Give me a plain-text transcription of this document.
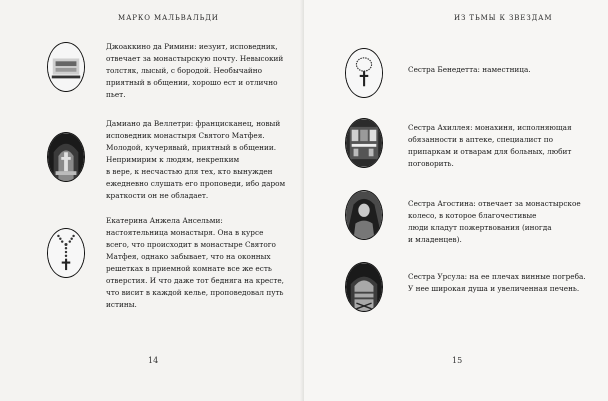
МАРКО МАЛЬВАЛЬДИ
Джоаккино да Римини: иезуит, исповедник,
отвечает за монастырскую почту. Невысокий
толстяк, лысый, с бородой. Необычайно
приятный в общении, хорошо ест и отлично
пьет.
Дамиано да Веллетри: францисканец, новый
исповедник монастыря Святого Матфея.
Молодой, кучерявый, приятный в общении.
Непримирим к людям, некрепким
в вере, к несчастью для тех, кто вынужден
ежедневно слушать его проповеди, ибо даром
краткости он не обладает.
Екатерина Анжела Ансельми:
настоятельница монастыря. Она в курсе
всего, что происходит в монастыре Святого
Матфея, однако забывает, что на оконных
решетках в приемной комнате все же есть
отверстия. И что даже тот бедняга на кресте,
что висит в каждой келье, проповедовал путь
истины.
14
ИЗ ТЬМЫ К ЗВЕЗДАМ
Сестра Бенедетта: наместница.
Сестра Ахиллея: монахиня, исполняющая
обязанности в аптеке, специалист по
припаркам и отварам для больных, любит
поговорить.
Сестра Агостина: отвечает за монастырское
колесо, в которое благочестивые
люди кладут пожертвования (иногда
и младенцев).
Сестра Урсула: на ее плечах винные погреба.
У нее широкая душа и увеличенная печень.
15
